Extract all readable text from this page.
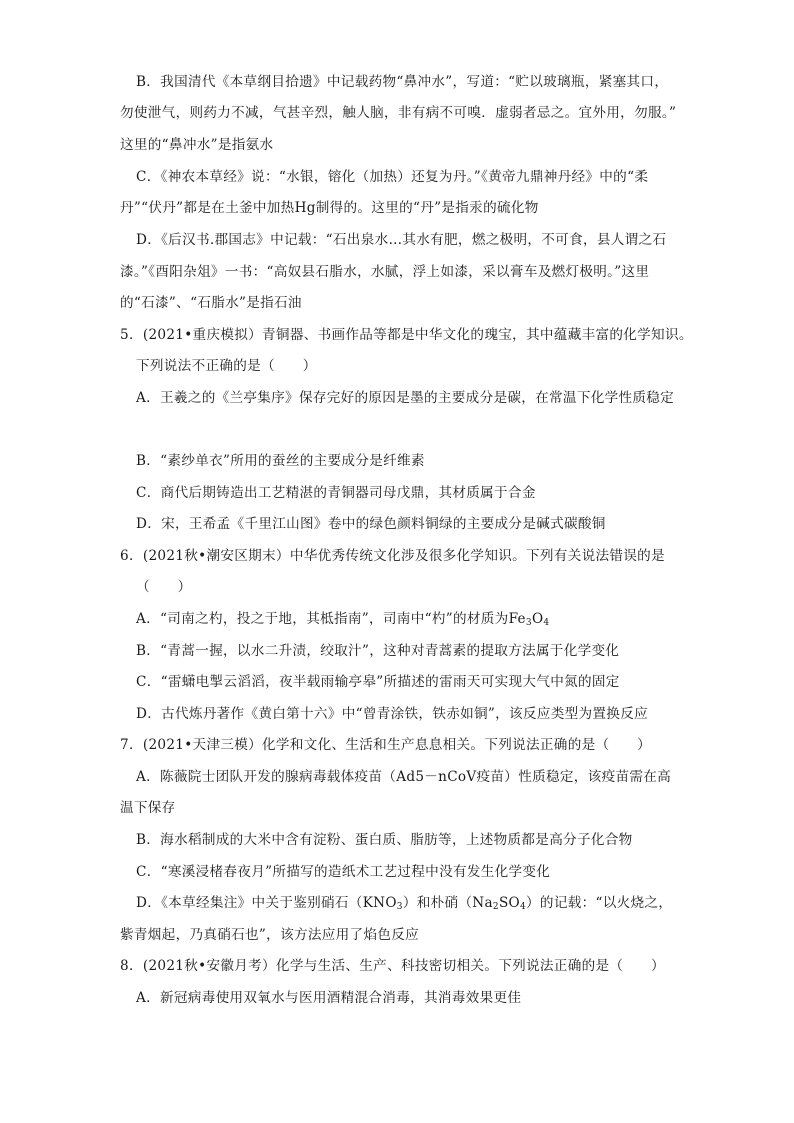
B．我国清代《本草纲目拾遗》中记载药物“鼻冲水”，写道：“贮以玻璃瓶，紧塞其口，

勿使泄气，则药力不减，气甚辛烈，触人脑，非有病不可嗅．虚弱者忌之。宜外用，勿服。”

这里的“鼻冲水”是指氨水

C．《神农本草经》说：“水银，镕化（加热）还复为丹。”《黄帝九鼎神丹经》中的“柔

丹”“伏丹”都是在土釜中加热Hg制得的。这里的“丹”是指汞的硫化物

D．《后汉书.郡国志》中记载：“石出泉水…其水有肥，燃之极明，不可食，县人谓之石

漆。”《酉阳杂俎》一书：“高奴县石脂水，水腻，浮上如漆，采以膏车及燃灯极明。”这里

的“石漆”、“石脂水”是指石油

5．(2021•重庆模拟）青铜器、书画作品等都是中华文化的瑰宝，其中蕴藏丰富的化学知识。

下列说法不正确的是（　　）

A．王羲之的《兰亭集序》保存完好的原因是墨的主要成分是碳，在常温下化学性质稳定

B．“素纱单衣”所用的蚕丝的主要成分是纤维素

C．商代后期铸造出工艺精湛的青铜器司母戊鼎，其材质属于合金

D．宋，王希孟《千里江山图》卷中的绿色颜料铜绿的主要成分是碱式碳酸铜

6．(2021秋•潮安区期末）中华优秀传统文化涉及很多化学知识。下列有关说法错误的是

（　　）

A．“司南之杓，投之于地，其柢指南”，司南中“杓”的材质为$Fe_3O_4$

B．“青蒿一握，以水二升渍，绞取汁”，这种对青蒿素的提取方法属于化学变化

C．“雷蟏电掣云滔滔，夜半载雨输亭皋”所描述的雷雨天可实现大气中氮的固定

D．古代炼丹著作《黄白第十六》中“曾青涂铁，铁赤如铜”，该反应类型为置换反应

7．(2021•天津三模）化学和文化、生活和生产息息相关。下列说法正确的是（　　）

A．陈薇院士团队开发的腺病毒载体疫苗（Ad5－nCoV疫苗）性质稳定，该疫苗需在高

温下保存

B．海水稻制成的大米中含有淀粉、蛋白质、脂肪等，上述物质都是高分子化合物

C．“寒溪浸楮春夜月”所描写的造纸术工艺过程中没有发生化学变化

D．《本草经集注》中关于鉴别硝石$(KNO_3)$和朴硝$(Na_2SO_4)$的记载：“以火烧之，

紫青烟起，乃真硝石也”，该方法应用了焰色反应

8．(2021秋•安徽月考）化学与生活、生产、科技密切相关。下列说法正确的是（　　）

A．新冠病毒使用双氧水与医用酒精混合消毒，其消毒效果更佳
